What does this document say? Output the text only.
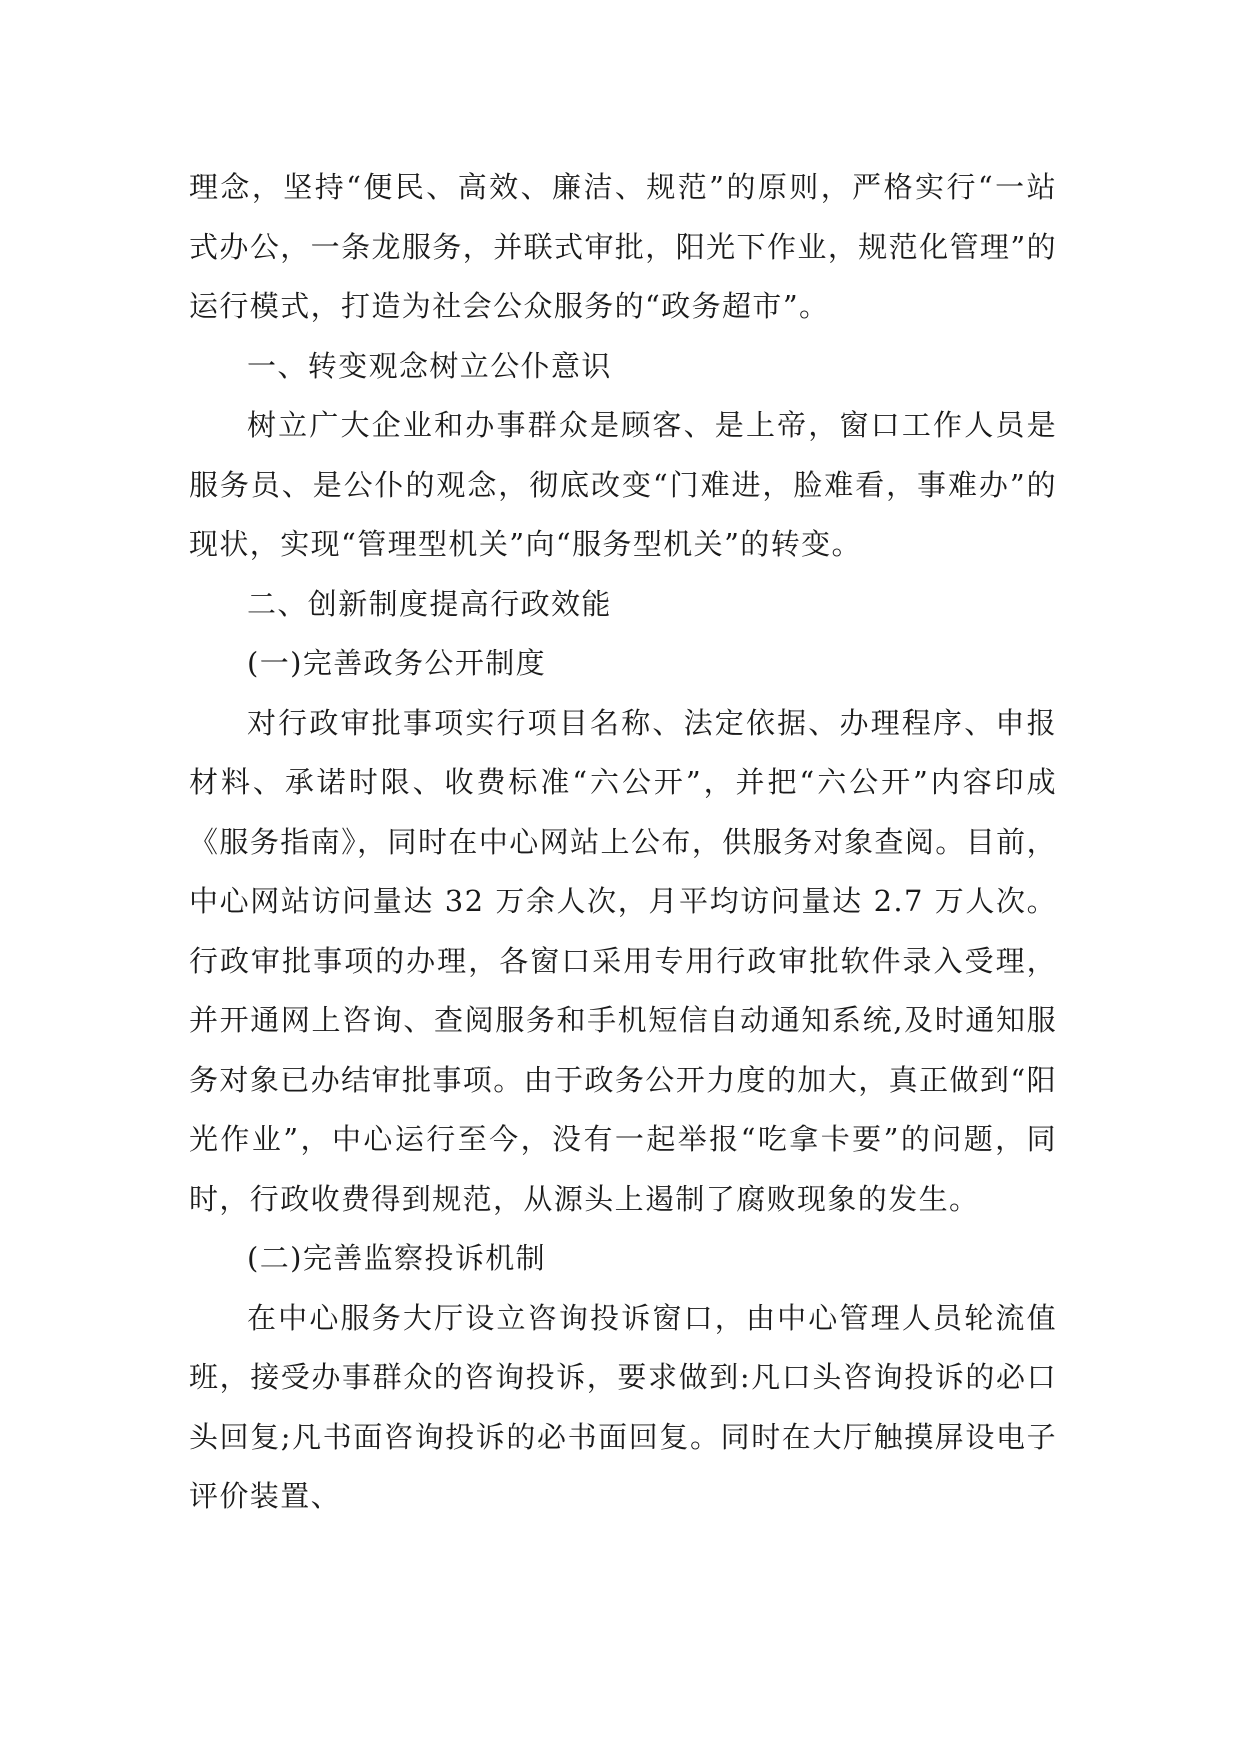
理念，坚持“便民、高效、廉洁、规范”的原则，严格实行“一站式办公，一条龙服务，并联式审批，阳光下作业，规范化管理”的运行模式，打造为社会公众服务的“政务超市”。

一、转变观念树立公仆意识

树立广大企业和办事群众是顾客、是上帝，窗口工作人员是服务员、是公仆的观念，彻底改变“门难进，脸难看，事难办”的现状，实现“管理型机关”向“服务型机关”的转变。

二、创新制度提高行政效能

(一)完善政务公开制度

对行政审批事项实行项目名称、法定依据、办理程序、申报材料、承诺时限、收费标准“六公开”，并把“六公开”内容印成《服务指南》，同时在中心网站上公布，供服务对象查阅。目前，中心网站访问量达 32 万余人次，月平均访问量达 2.7 万人次。行政审批事项的办理，各窗口采用专用行政审批软件录入受理，并开通网上咨询、查阅服务和手机短信自动通知系统,及时通知服务对象已办结审批事项。由于政务公开力度的加大，真正做到“阳光作业”，中心运行至今，没有一起举报“吃拿卡要”的问题，同时，行政收费得到规范，从源头上遏制了腐败现象的发生。

(二)完善监察投诉机制

在中心服务大厅设立咨询投诉窗口，由中心管理人员轮流值班，接受办事群众的咨询投诉，要求做到:凡口头咨询投诉的必口头回复;凡书面咨询投诉的必书面回复。同时在大厅触摸屏设电子评价装置、
